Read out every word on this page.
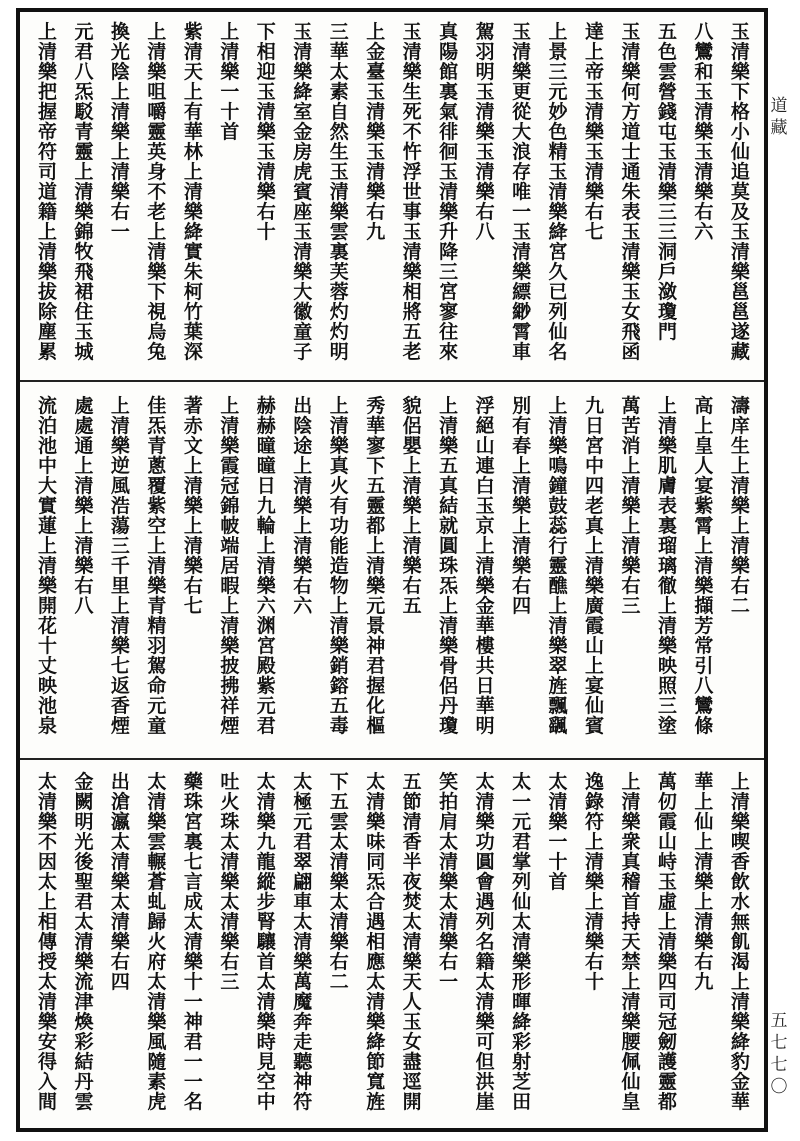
玉
清
樂
下
格
小
仙
追
莫
及
玉
清
樂
邕
邕
遂
藏
八
鸞
和
玉
清
樂
玉
清
樂
右
六
五
色
雲
營
錢
屯
玉
清
樂
三
三
洞
戶
潋
瓊
門
玉
清
樂
何
方
道
士
通
朱
表
玉
清
樂
玉
女
飛
函
達
上
帝
玉
清
樂
玉
清
樂
右
七
上
景
三
元
妙
色
精
玉
清
樂
絳
宮
久
已
列
仙
名
玉
清
樂
更
從
大
浪
存
唯
一
玉
清
樂
縹
緲
霄
車
駕
羽
明
玉
清
樂
玉
清
樂
右
八
真
陽
館
裏
氣
徘
徊
玉
清
樂
升
降
三
宮
寥
往
來
玉
清
樂
生
死
不
忤
浮
世
事
玉
清
樂
相
將
五
老
上
金
臺
玉
清
樂
玉
清
樂
右
九
三
華
太
素
自
然
生
玉
清
樂
雲
裏
芙
蓉
灼
灼
明
玉
清
樂
絳
室
金
房
虎
賓
座
玉
清
樂
大
徽
童
子
下
相
迎
玉
清
樂
玉
清
樂
右
十
上
清
樂
一
十
首
紫
清
天
上
有
華
林
上
清
樂
絳
實
朱
柯
竹
葉
深
上
清
樂
咀
嚼
靈
英
身
不
老
上
清
樂
下
視
烏
兔
換
光
陰
上
清
樂
上
清
樂
右
一
元
君
八
炁
駁
青
靈
上
清
樂
錦
牧
飛
裙
住
玉
城
上
清
樂
把
握
帝
符
司
道
籍
上
清
樂
拔
除
塵
累
濤
庠
生
上
清
樂
上
清
樂
右
二
高
上
皇
人
宴
紫
霄
上
清
樂
擷
芳
常
引
八
鸞
條
上
清
樂
肌
膚
表
裏
瑠
璃
徹
上
清
樂
映
照
三
塗
萬
苦
消
上
清
樂
上
清
樂
右
三
九
日
宮
中
四
老
真
上
清
樂
廣
霞
山
上
宴
仙
賓
上
清
樂
鳴
鐘
鼓
蕊
行
靈
醮
上
清
樂
翠
旌
飄
颻
別
有
春
上
清
樂
上
清
樂
右
四
浮
絕
山
連
白
玉
京
上
清
樂
金
華
樓
共
日
華
明
上
清
樂
五
真
結
就
圓
珠
炁
上
清
樂
骨
侶
丹
瓊
貌
侶
嬰
上
清
樂
上
清
樂
右
五
秀
華
寥
下
五
靈
都
上
清
樂
元
景
神
君
握
化
樞
上
清
樂
真
火
有
功
能
造
物
上
清
樂
銷
鎔
五
毒
出
陰
途
上
清
樂
上
清
樂
右
六
赫
赫
曈
曈
日
九
輪
上
清
樂
六
渊
宮
殿
紫
元
君
上
清
樂
霞
冠
錦
帔
端
居
暇
上
清
樂
披
拂
祥
煙
著
赤
文
上
清
樂
上
清
樂
右
七
佳
炁
青
蔥
覆
紫
空
上
清
樂
青
精
羽
駕
命
元
童
上
清
樂
逆
風
浩
蕩
三
千
里
上
清
樂
七
返
香
煙
處
處
通
上
清
樂
上
清
樂
右
八
流
泊
池
中
大
實
蓮
上
清
樂
開
花
十
丈
映
池
泉
上
清
樂
喫
香
飲
水
無
飢
渴
上
清
樂
絳
豹
金
華
華
上
仙
上
清
樂
上
清
樂
右
九
萬
仞
霞
山
峙
玉
虛
上
清
樂
四
司
冠
劒
護
靈
都
上
清
樂
衆
真
稽
首
持
天
禁
上
清
樂
腰
佩
仙
皇
逸
錄
符
上
清
樂
上
清
樂
右
十
太
清
樂
一
十
首
太
一
元
君
掌
列
仙
太
清
樂
形
暉
絳
彩
射
芝
田
太
清
樂
功
圓
會
遇
列
名
籍
太
清
樂
可
但
洪
崖
笑
拍
肩
太
清
樂
太
清
樂
右
一
五
節
清
香
半
夜
焚
太
清
樂
天
人
玉
女
盡
逕
開
太
清
樂
味
同
炁
合
遇
相
應
太
清
樂
絳
節
寬
旌
下
五
雲
太
清
樂
太
清
樂
右
二
太
極
元
君
翠
翩
車
太
清
樂
萬
魔
奔
走
聽
神
符
太
清
樂
九
龍
縱
步
腎
驤
首
太
清
樂
時
見
空
中
吐
火
珠
太
清
樂
太
清
樂
右
三
藥
珠
宮
裏
七
言
成
太
清
樂
十
一
神
君
一
一
名
太
清
樂
雲
輾
蒼
虬
歸
火
府
太
清
樂
風
隨
素
虎
出
滄
瀛
太
清
樂
太
清
樂
右
四
金
闕
明
光
後
聖
君
太
清
樂
流
津
煥
彩
結
丹
雲
太
清
樂
不
因
太
上
相
傳
授
太
清
樂
安
得
入
間
道
藏
五
七
七
〇
